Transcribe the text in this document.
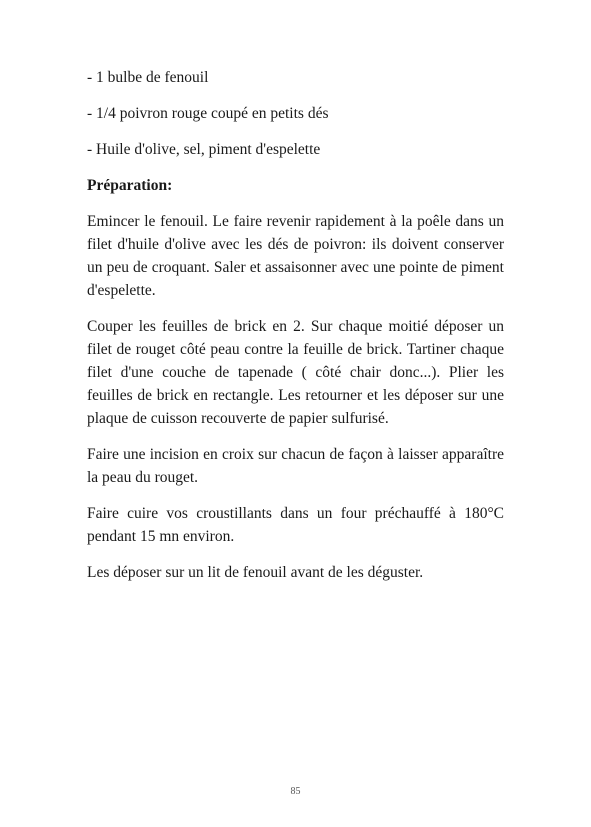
- 1 bulbe de fenouil
- 1/4 poivron rouge coupé en petits dés
- Huile d'olive, sel, piment d'espelette
Préparation:

Emincer le fenouil. Le faire revenir rapidement à la poêle dans un filet d'huile d'olive avec les dés de poivron: ils doivent conserver un peu de croquant. Saler et assaisonner avec une pointe de piment d'espelette.

Couper les feuilles de brick en 2. Sur chaque moitié déposer un filet de rouget côté peau contre la feuille de brick. Tartiner chaque filet d'une couche de tapenade ( côté chair donc...). Plier les feuilles de brick en rectangle. Les retourner et les déposer sur une plaque de cuisson recouverte de papier sulfurisé.

Faire une incision en croix sur chacun de façon à laisser apparaître la peau du rouget.

Faire cuire vos croustillants dans un four préchauffé à 180°C pendant 15 mn environ.

Les déposer sur un lit de fenouil avant de les déguster.

85
